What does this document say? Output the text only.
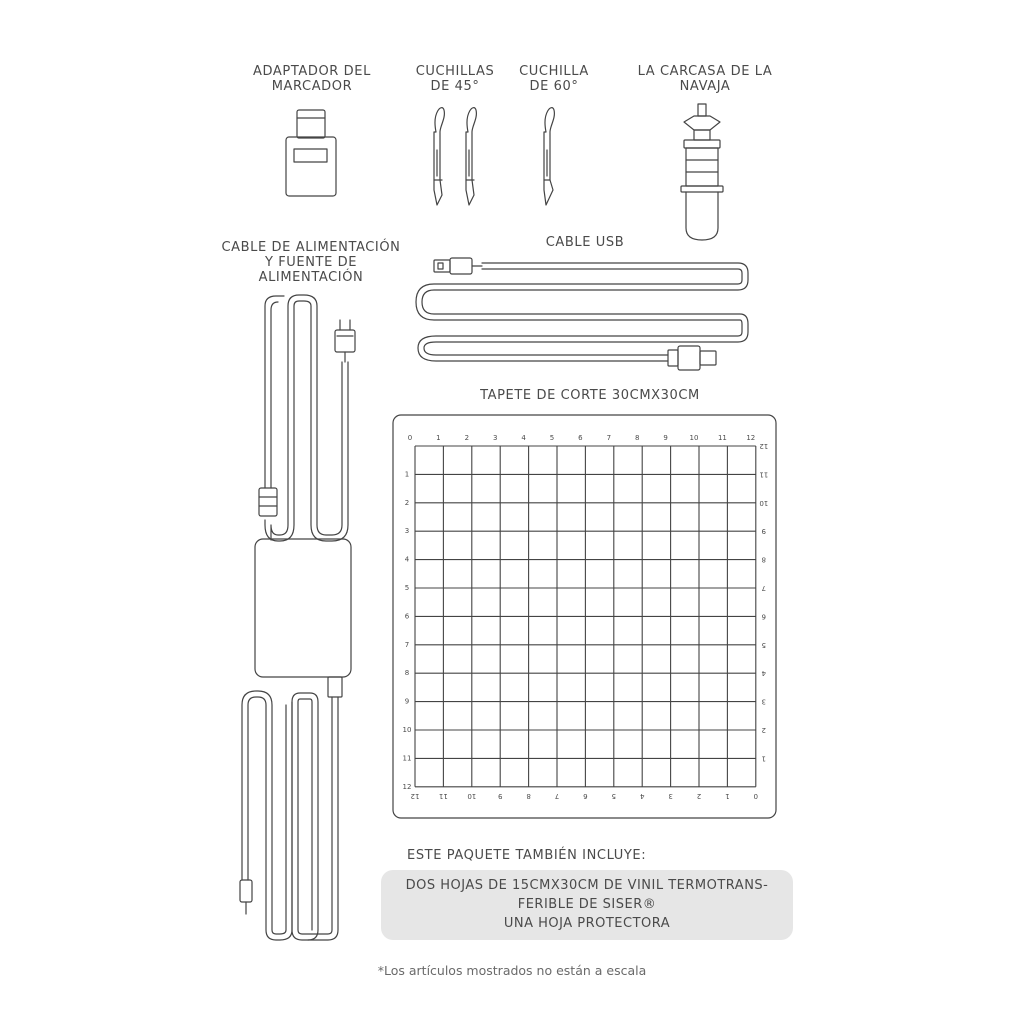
ADAPTADOR DEL
MARCADOR
CUCHILLAS
DE 45°
CUCHILLA
DE 60°
LA CARCASA DE LA
NAVAJA
CABLE DE ALIMENTACIÓN
Y FUENTE DE
ALIMENTACIÓN
CABLE USB
TAPETE DE CORTE 30CMX30CM
0
12
12
1
1
11
11
2
2
10
10
3
3
9
9
4
4
8
8
5
5
7
7
6
6
6
6
7
7
5
5
8
8
4
4
9
9
3
3
10
10
2
2
11
11
1
1
12
12
0
ESTE PAQUETE TAMBIÉN INCLUYE:
DOS HOJAS DE 15CMX30CM DE VINIL TERMOTRANS-
FERIBLE DE SISER®
UNA HOJA PROTECTORA
*Los artículos mostrados no están a escala
